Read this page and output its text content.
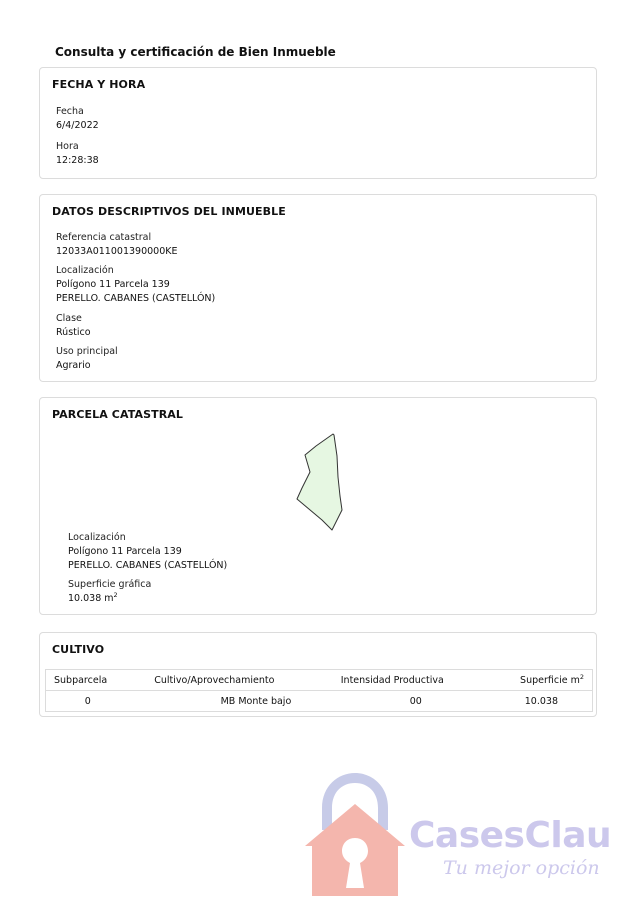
Consulta y certificación de Bien Inmueble
FECHA Y HORA
Fecha
6/4/2022
Hora
12:28:38
DATOS DESCRIPTIVOS DEL INMUEBLE
Referencia catastral
12033A011001390000KE
Localización
Polígono 11 Parcela 139
PERELLO. CABANES (CASTELLÓN)
Clase
Rústico
Uso principal
Agrario
PARCELA CATASTRAL
Localización
Polígono 11 Parcela 139
PERELLO. CABANES (CASTELLÓN)
Superficie gráfica
10.038 $m^2$
CULTIVO
Subparcela	Cultivo/Aprovechamiento	Intensidad Productiva	Superficie $m^2$
0	MB Monte bajo	00	10.038
CasesClau
Tu mejor opción
